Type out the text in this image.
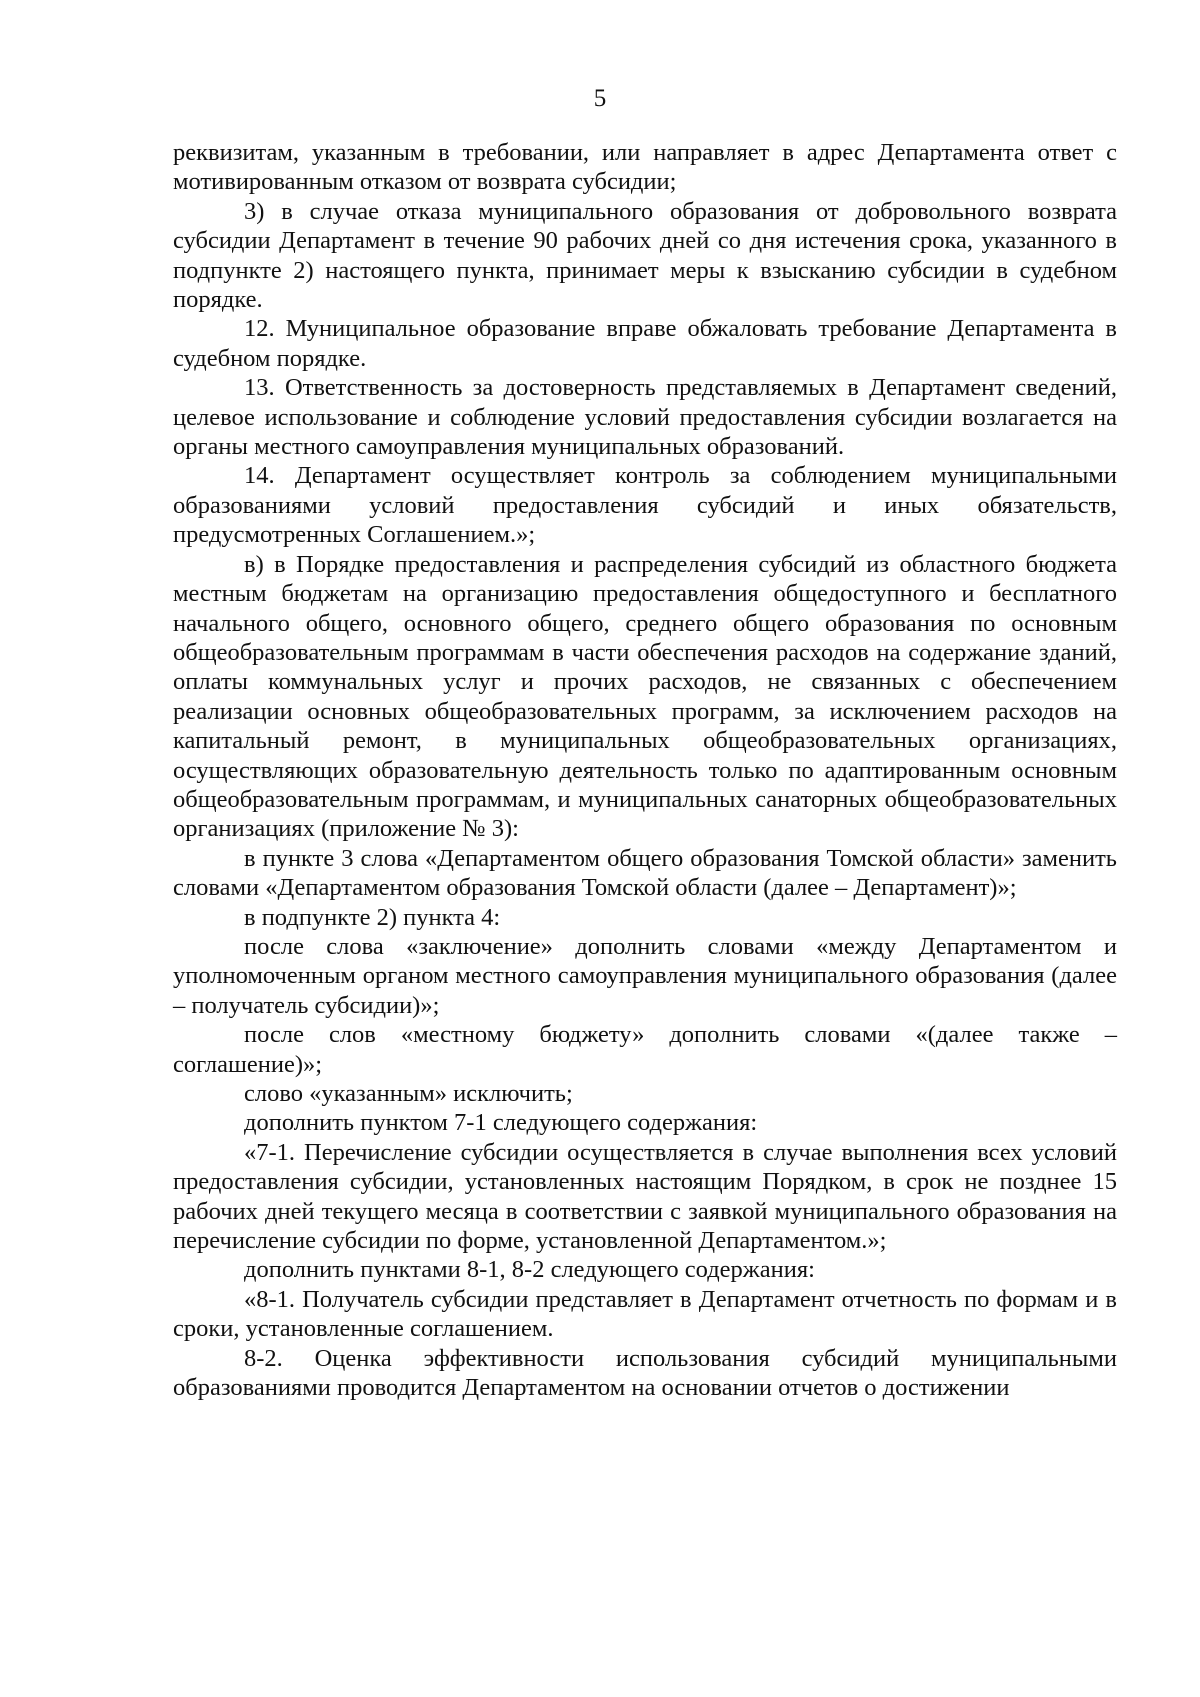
5

реквизитам, указанным в требовании, или направляет в адрес Департамента ответ с мотивированным отказом от возврата субсидии;

3) в случае отказа муниципального образования от добровольного возврата субсидии Департамент в течение 90 рабочих дней со дня истечения срока, указанного в подпункте 2) настоящего пункта, принимает меры к взысканию субсидии в судебном порядке.

12. Муниципальное образование вправе обжаловать требование Департамента в судебном порядке.

13. Ответственность за достоверность представляемых в Департамент сведений, целевое использование и соблюдение условий предоставления субсидии возлагается на органы местного самоуправления муниципальных образований.

14. Департамент осуществляет контроль за соблюдением муниципальными образованиями условий предоставления субсидий и иных обязательств, предусмотренных Соглашением.»;

в) в Порядке предоставления и распределения субсидий из областного бюджета местным бюджетам на организацию предоставления общедоступного и бесплатного начального общего, основного общего, среднего общего образования по основным общеобразовательным программам в части обеспечения расходов на содержание зданий, оплаты коммунальных услуг и прочих расходов, не связанных с обеспечением реализации основных общеобразовательных программ, за исключением расходов на капитальный ремонт, в муниципальных общеобразовательных организациях, осуществляющих образовательную деятельность только по адаптированным основным общеобразовательным программам, и муниципальных санаторных общеобразовательных организациях (приложение № 3):

в пункте 3 слова «Департаментом общего образования Томской области» заменить словами «Департаментом образования Томской области (далее – Департамент)»;

в подпункте 2) пункта 4:

после слова «заключение» дополнить словами «между Департаментом и уполномоченным органом местного самоуправления муниципального образования (далее – получатель субсидии)»;

после слов «местному бюджету» дополнить словами «(далее также – соглашение)»;

слово «указанным» исключить;

дополнить пунктом 7-1 следующего содержания:

«7-1. Перечисление субсидии осуществляется в случае выполнения всех условий предоставления субсидии, установленных настоящим Порядком, в срок не позднее 15 рабочих дней текущего месяца в соответствии с заявкой муниципального образования на перечисление субсидии по форме, установленной Департаментом.»;

дополнить пунктами 8-1, 8-2 следующего содержания:

«8-1. Получатель субсидии представляет в Департамент отчетность по формам и в сроки, установленные соглашением.

8-2. Оценка эффективности использования субсидий муниципальными образованиями проводится Департаментом на основании отчетов о достижении
